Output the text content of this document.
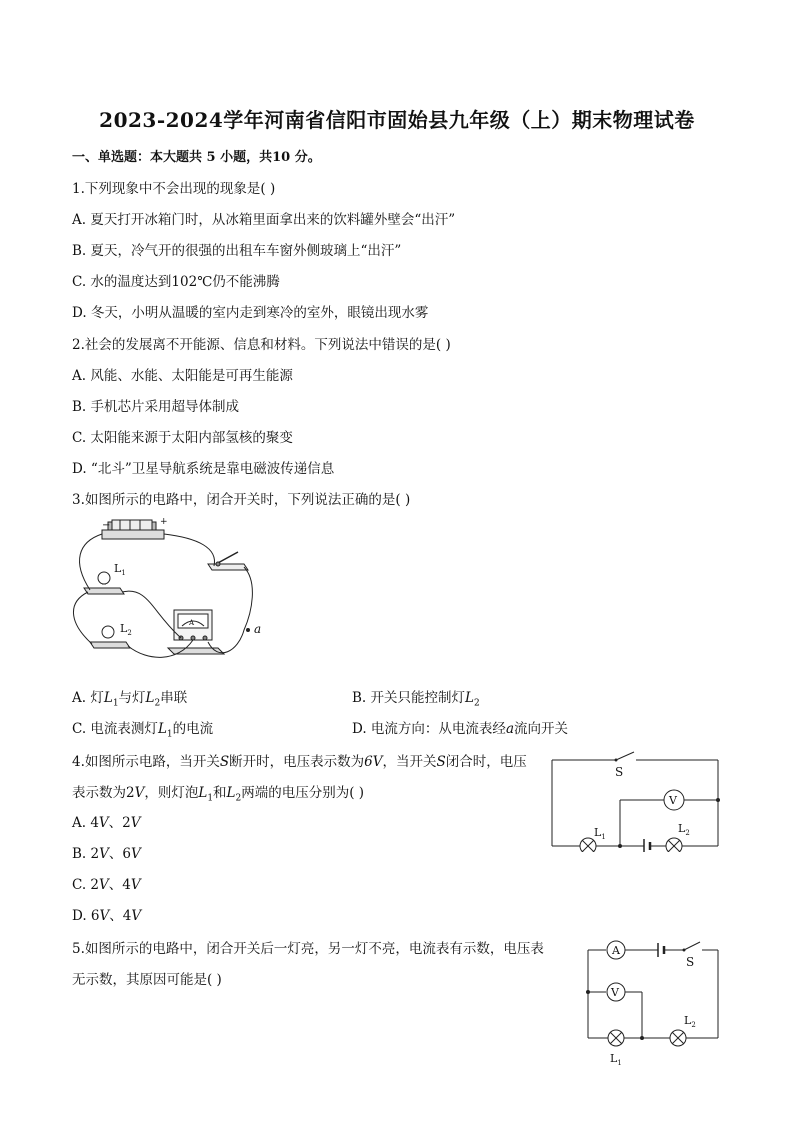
2023-2024学年河南省信阳市固始县九年级（上）期末物理试卷
一、单选题：本大题共 5 小题，共10 分。
1.下列现象中不会出现的现象是( )
A. 夏天打开冰箱门时，从冰箱里面拿出来的饮料罐外壁会“出汗”
B. 夏天，冷气开的很强的出租车车窗外侧玻璃上“出汗”
C. 水的温度达到102℃仍不能沸腾
D. 冬天，小明从温暖的室内走到寒冷的室外，眼镜出现水雾
2.社会的发展离不开能源、信息和材料。下列说法中错误的是( )
A. 风能、水能、太阳能是可再生能源
B. 手机芯片采用超导体制成
C. 太阳能来源于太阳内部氢核的聚变
D. “北斗”卫星导航系统是靠电磁波传递信息
3.如图所示的电路中，闭合开关时，下列说法正确的是( )
−	+
$L_1$
$L_2$
A	a
A. 灯$L_1$与灯$L_2$串联	B. 开关只能控制灯$L_2$
C. 电流表测灯$L_1$的电流	D. 电流方向：从电流表经a流向开关
4.如图所示电路，当开关S断开时，电压表示数为6V，当开关S闭合时，电压
表示数为2V，则灯泡$L_1$和$L_2$两端的电压分别为( )
A. 4V、2V
B. 2V、6V
C. 2V、4V
D. 6V、4V
S
V
$L_1$
$L_2$
5.如图所示的电路中，闭合开关后一灯亮，另一灯不亮，电流表有示数，电压表
无示数，其原因可能是( )
A
S
V
$L_1$
$L_2$
